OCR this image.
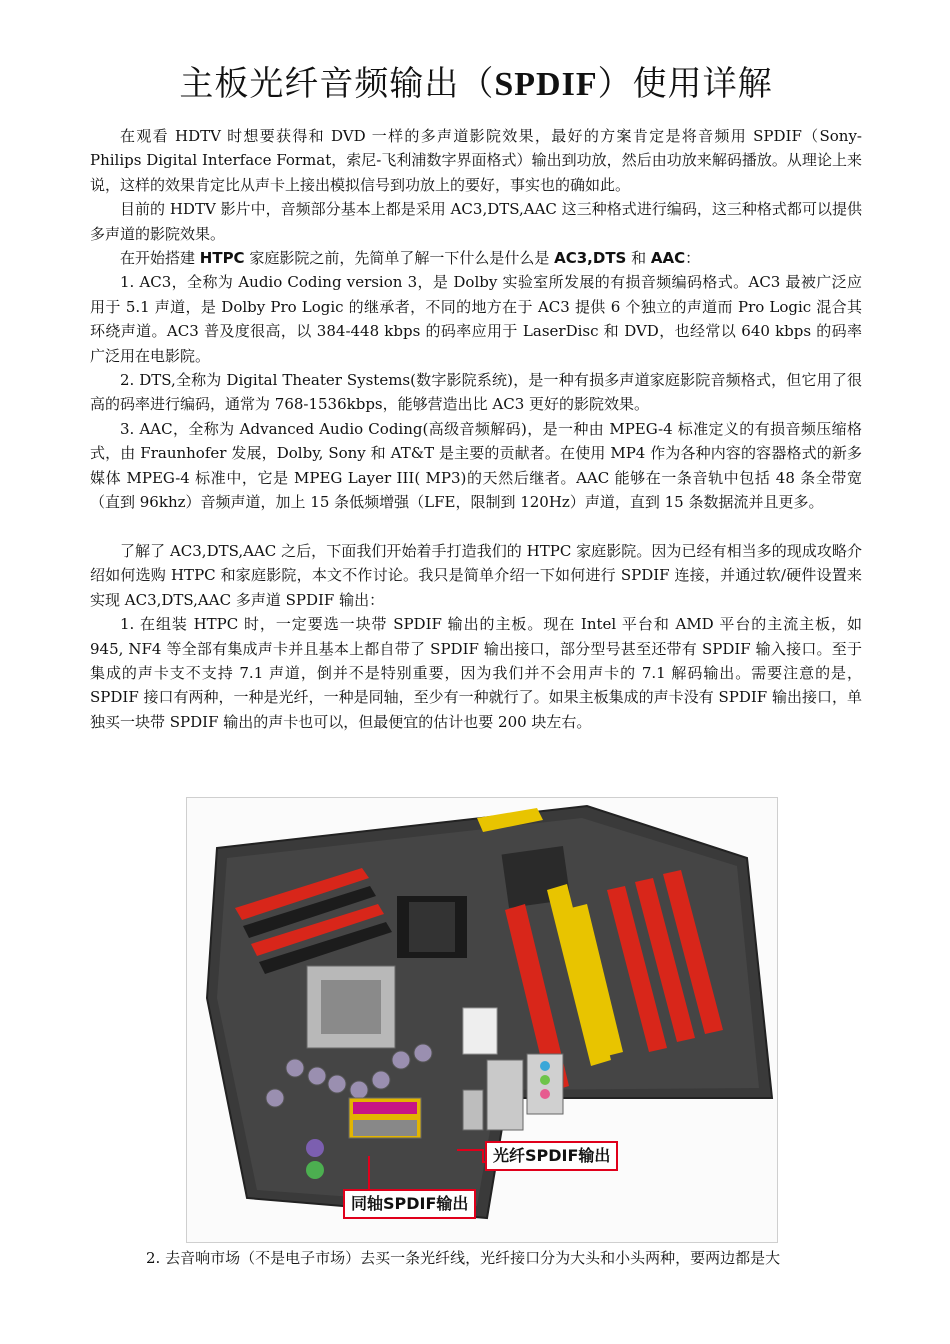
主板光纤音频输出（SPDIF）使用详解

在观看 HDTV 时想要获得和 DVD 一样的多声道影院效果，最好的方案肯定是将音频用 SPDIF（Sony-Philips Digital Interface Format，索尼-飞利浦数字界面格式）输出到功放，然后由功放来解码播放。从理论上来说，这样的效果肯定比从声卡上接出模拟信号到功放上的要好，事实也的确如此。

目前的 HDTV 影片中，音频部分基本上都是采用 AC3,DTS,AAC 这三种格式进行编码，这三种格式都可以提供多声道的影院效果。

在开始搭建 HTPC 家庭影院之前，先简单了解一下什么是什么是 AC3,DTS 和 AAC：

1. AC3，全称为 Audio Coding version 3，是 Dolby 实验室所发展的有损音频编码格式。AC3 最被广泛应用于 5.1 声道，是 Dolby Pro Logic 的继承者，不同的地方在于 AC3 提供 6 个独立的声道而 Pro Logic 混合其环绕声道。AC3 普及度很高，以 384-448 kbps 的码率应用于 LaserDisc 和 DVD，也经常以 640 kbps 的码率广泛用在电影院。

2. DTS,全称为 Digital Theater Systems(数字影院系统)，是一种有损多声道家庭影院音频格式，但它用了很高的码率进行编码，通常为 768-1536kbps，能够营造出比 AC3 更好的影院效果。

3. AAC，全称为 Advanced Audio Coding(高级音频解码)，是一种由 MPEG-4 标准定义的有损音频压缩格式，由 Fraunhofer 发展，Dolby, Sony 和 AT&T 是主要的贡献者。在使用 MP4 作为各种内容的容器格式的新多媒体 MPEG-4 标准中，它是 MPEG Layer III( MP3)的天然后继者。AAC 能够在一条音轨中包括 48 条全带宽（直到 96khz）音频声道，加上 15 条低频增强（LFE，限制到 120Hz）声道，直到 15 条数据流并且更多。

了解了 AC3,DTS,AAC 之后，下面我们开始着手打造我们的 HTPC 家庭影院。因为已经有相当多的现成攻略介绍如何选购 HTPC 和家庭影院，本文不作讨论。我只是简单介绍一下如何进行 SPDIF 连接，并通过软/硬件设置来实现 AC3,DTS,AAC 多声道 SPDIF 输出：

1. 在组装 HTPC 时，一定要选一块带 SPDIF 输出的主板。现在 Intel 平台和 AMD 平台的主流主板，如 945, NF4 等全部有集成声卡并且基本上都自带了 SPDIF 输出接口，部分型号甚至还带有 SPDIF 输入接口。至于集成的声卡支不支持 7.1 声道，倒并不是特别重要，因为我们并不会用声卡的 7.1 解码输出。需要注意的是，SPDIF 接口有两种，一种是光纤，一种是同轴，至少有一种就行了。如果主板集成的声卡没有 SPDIF 输出接口，单独买一块带 SPDIF 输出的声卡也可以，但最便宜的估计也要 200 块左右。

光纤SPDIF输出
同轴SPDIF输出
2. 去音响市场（不是电子市场）去买一条光纤线，光纤接口分为大头和小头两种，要两边都是大
